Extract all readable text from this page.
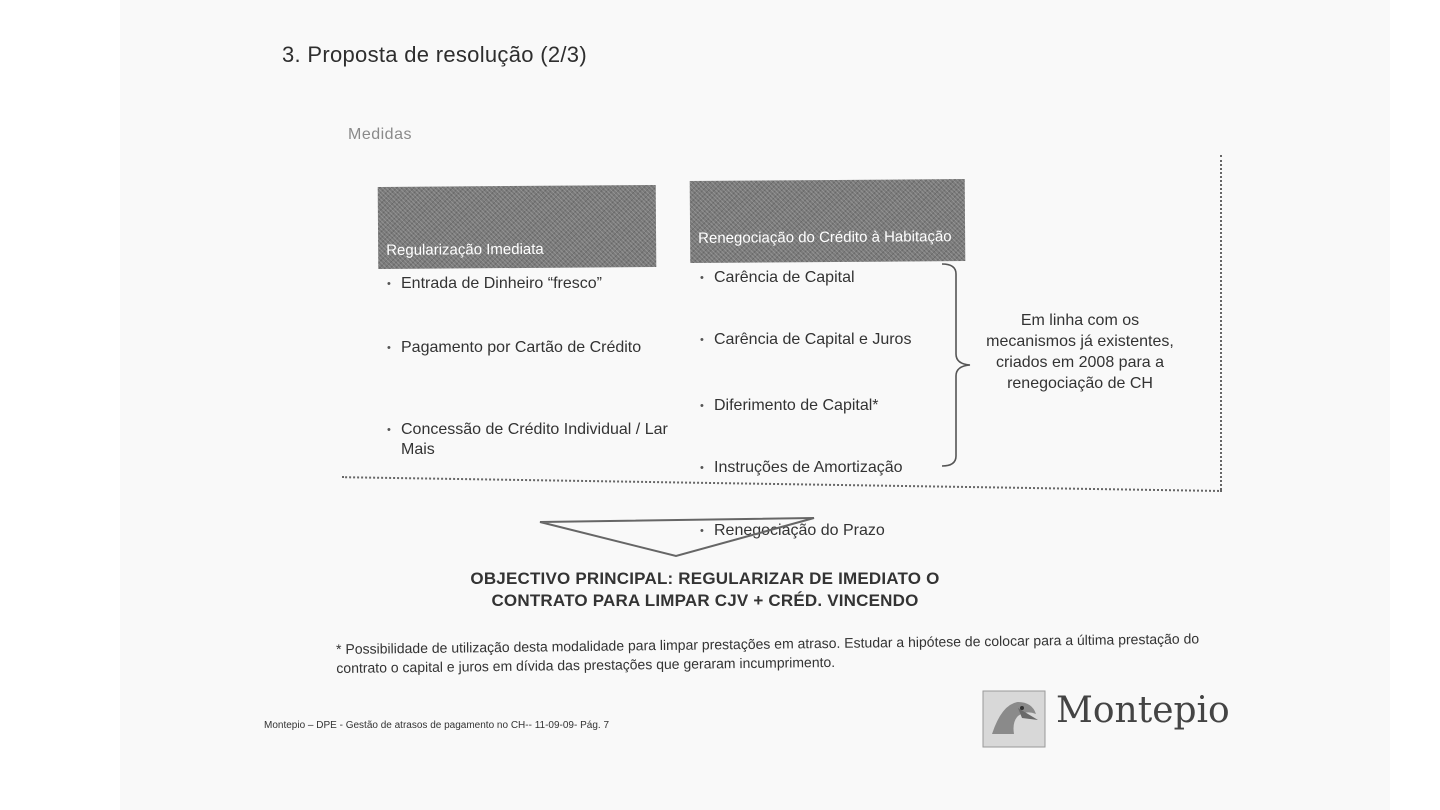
3. Proposta de resolução (2/3)
Medidas
Regularização Imediata
Renegociação do Crédito à Habitação
• Entrada de Dinheiro “fresco”
• Pagamento por Cartão de Crédito
• Concessão de Crédito Individual / Lar Mais
• Carência de Capital
• Carência de Capital e Juros
• Diferimento de Capital*
• Instruções de Amortização
• Renegociação do Prazo
Em linha com os mecanismos já existentes, criados em 2008 para a renegociação de CH
OBJECTIVO PRINCIPAL: REGULARIZAR DE IMEDIATO O CONTRATO PARA LIMPAR CJV + CRÉD. VINCENDO
* Possibilidade de utilização desta modalidade para limpar prestações em atraso. Estudar a hipótese de colocar para a última prestação do contrato o capital e juros em dívida das prestações que geraram incumprimento.
Montepio – DPE - Gestão de atrasos de pagamento no CH-- 11-09-09- Pág. 7	Montepio
